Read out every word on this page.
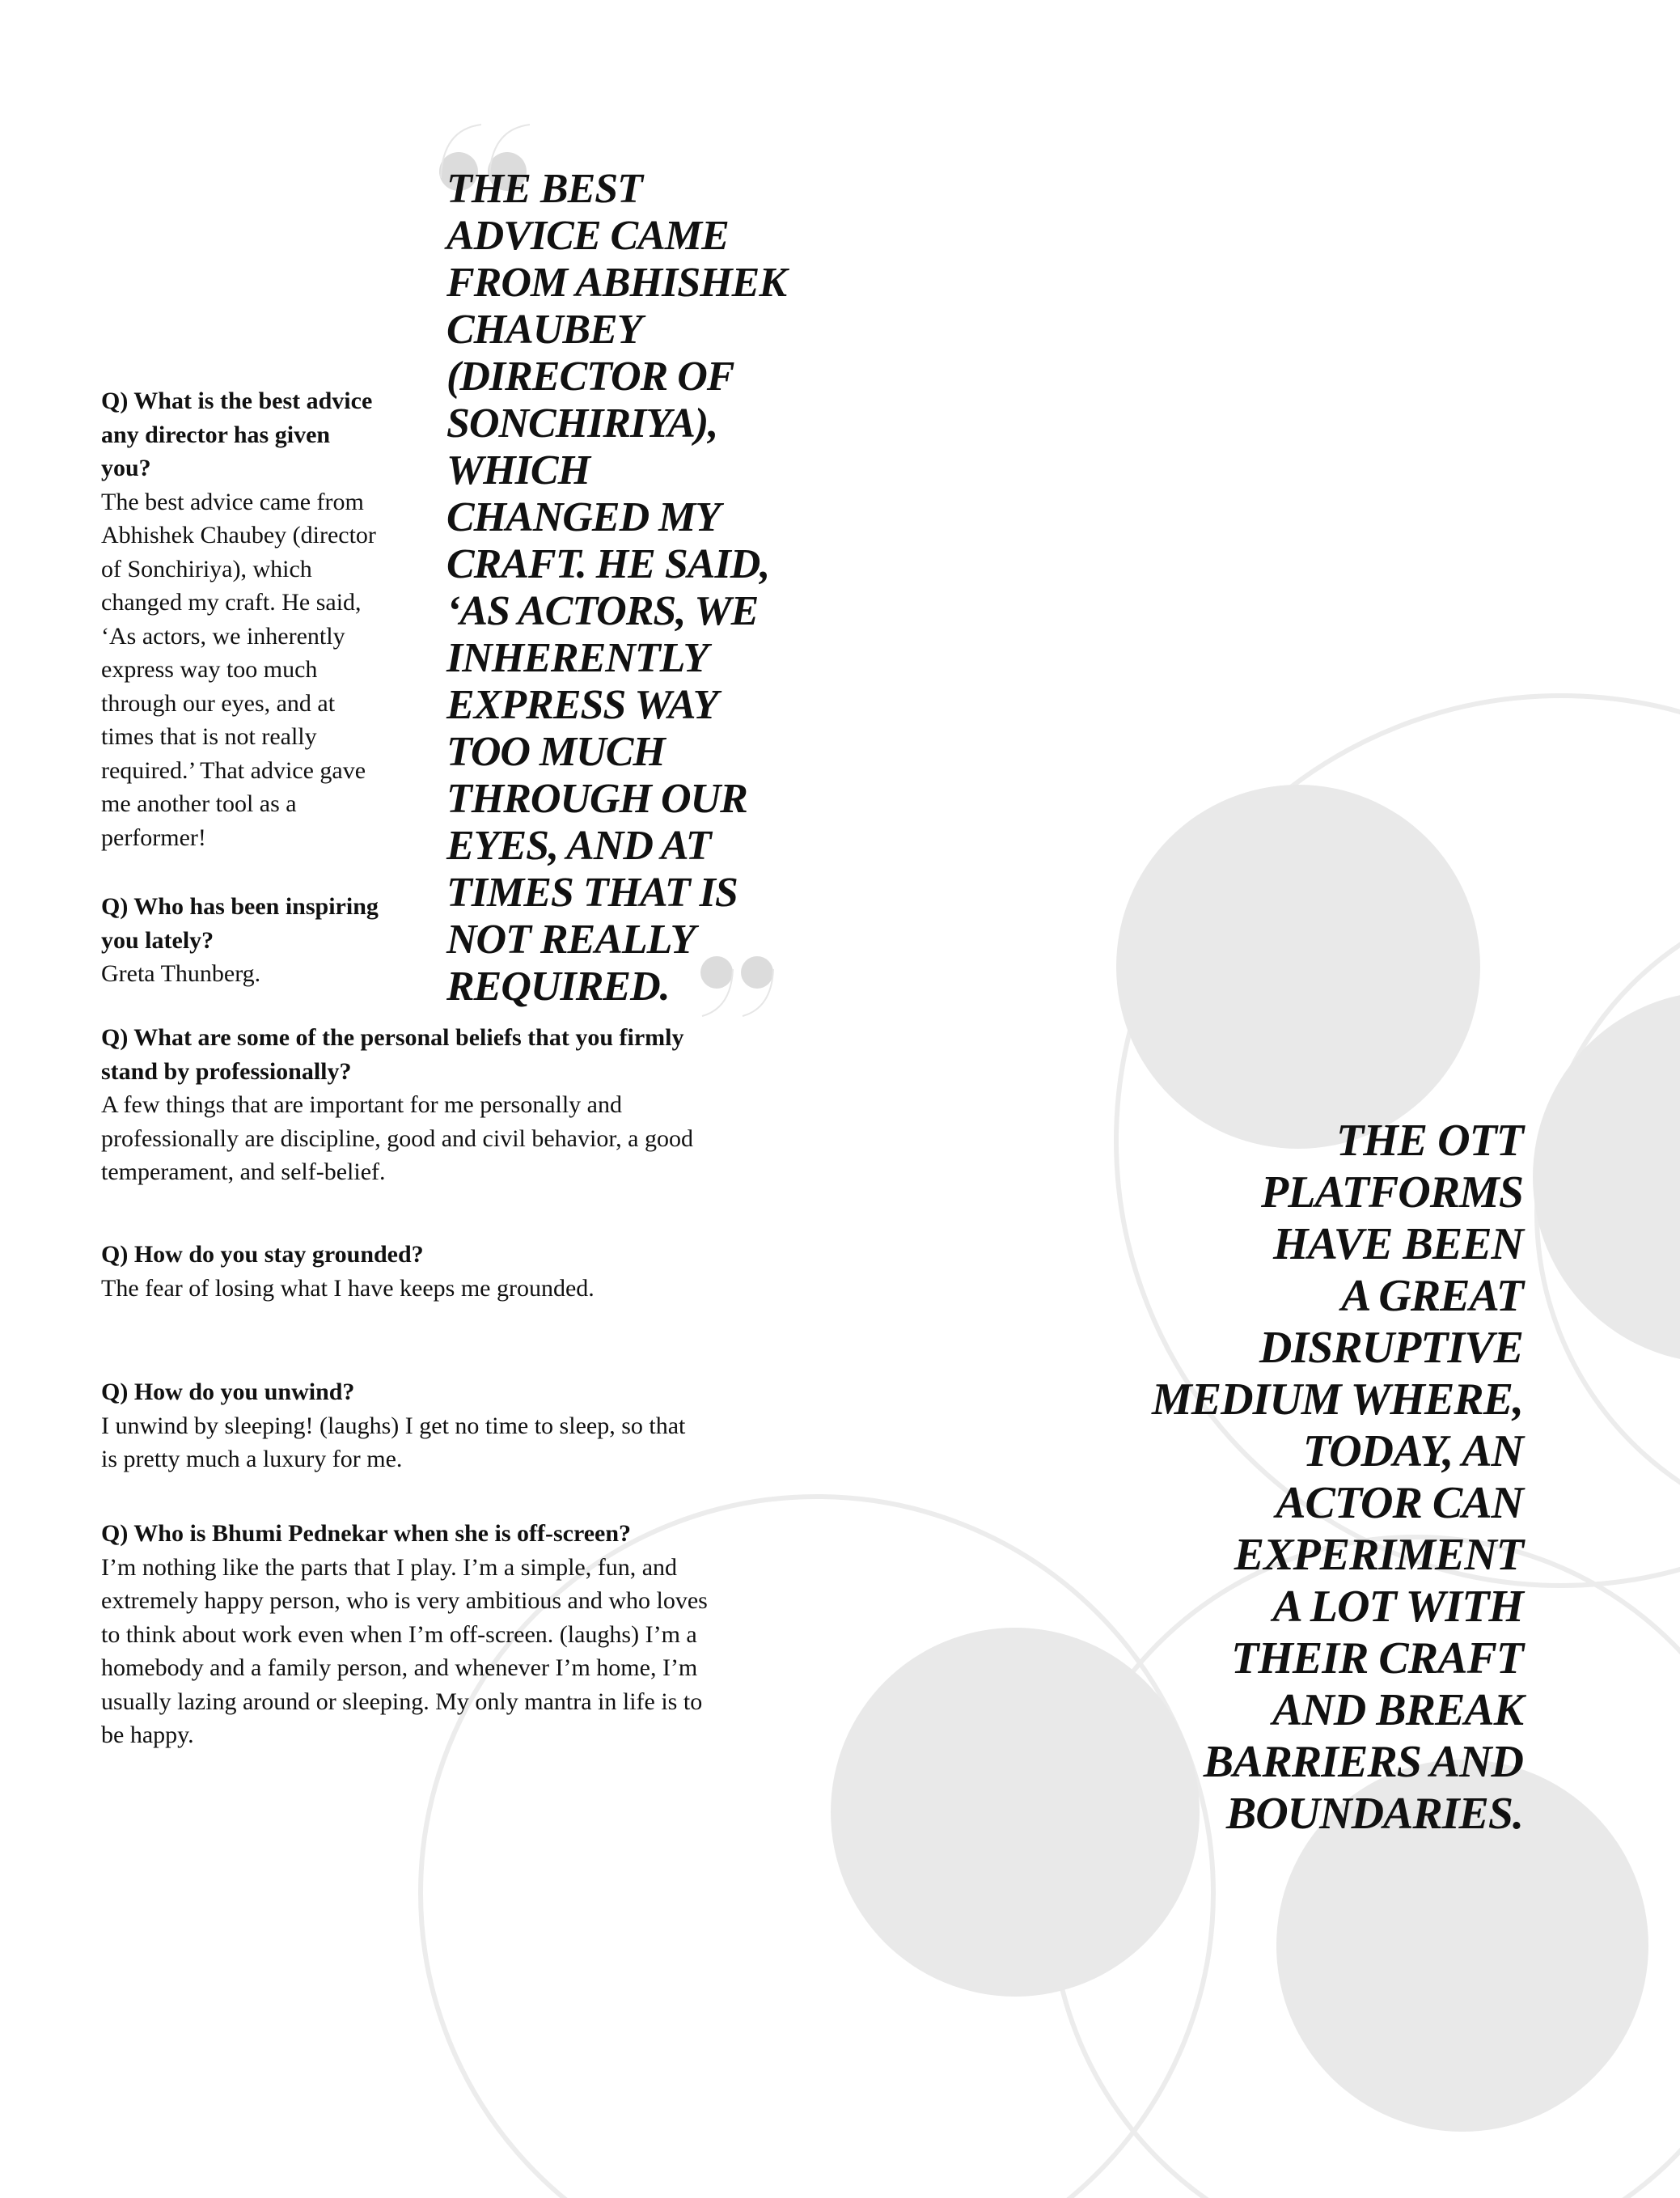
THE BEST
ADVICE CAME
FROM ABHISHEK
CHAUBEY
(DIRECTOR OF
SONCHIRIYA),
WHICH
CHANGED MY
CRAFT. HE SAID,
‘AS ACTORS, WE
INHERENTLY
EXPRESS WAY
TOO MUCH
THROUGH OUR
EYES, AND AT
TIMES THAT IS
NOT REALLY
REQUIRED.
THE OTT
PLATFORMS
HAVE BEEN
A GREAT
DISRUPTIVE
MEDIUM WHERE,
TODAY, AN
ACTOR CAN
EXPERIMENT
A LOT WITH
THEIR CRAFT
AND BREAK
BARRIERS AND
BOUNDARIES.
Q) What is the best advice any director has given you?
The best advice came from Abhishek Chaubey (director of Sonchiriya), which changed my craft. He said, ‘As actors, we inherently express way too much through our eyes, and at times that is not really required.’ That advice gave me another tool as a performer!
Q) Who has been inspiring you lately?
Greta Thunberg.
Q) What are some of the personal beliefs that you firmly stand by professionally?
A few things that are important for me personally and professionally are discipline, good and civil behavior, a good temperament, and self-belief.
Q) How do you stay grounded?
The fear of losing what I have keeps me grounded.
Q) How do you unwind?
I unwind by sleeping! (laughs) I get no time to sleep, so that is pretty much a luxury for me.
Q) Who is Bhumi Pednekar when she is off-screen?
I’m nothing like the parts that I play. I’m a simple, fun, and extremely happy person, who is very ambitious and who loves to think about work even when I’m off-screen. (laughs) I’m a homebody and a family person, and whenever I’m home, I’m usually lazing around or sleeping. My only mantra in life is to be happy.
